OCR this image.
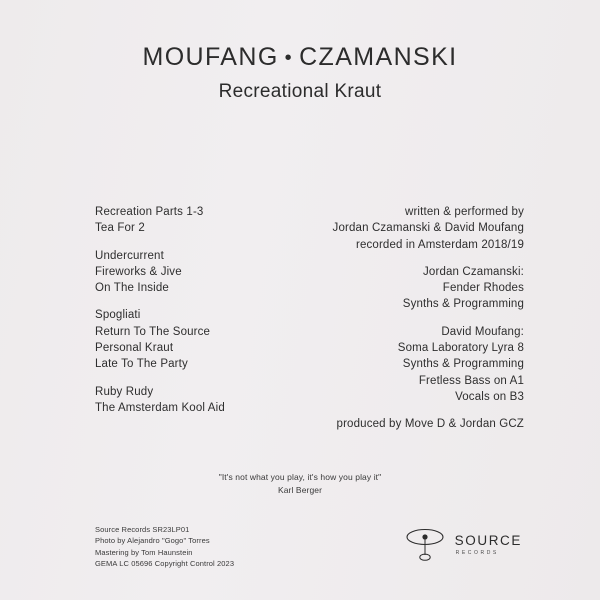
MOUFANG • CZAMANSKI
Recreational Kraut
Recreation Parts 1-3
Tea For 2
Undercurrent
Fireworks & Jive
On The Inside
Spogliati
Return To The Source
Personal Kraut
Late To The Party
Ruby Rudy
The Amsterdam Kool Aid
written & performed by
Jordan Czamanski & David Moufang
recorded in Amsterdam 2018/19
Jordan Czamanski:
Fender Rhodes
Synths & Programming
David Moufang:
Soma Laboratory Lyra 8
Synths & Programming
Fretless Bass on A1
Vocals on B3
produced by Move D & Jordan GCZ
"It's not what you play, it's how you play it"
Karl Berger
Source Records SR23LP01
Photo by Alejandro "Gogo" Torres
Mastering by Tom Haunstein
GEMA LC 05696 Copyright Control 2023
SOURCE
RECORDS
